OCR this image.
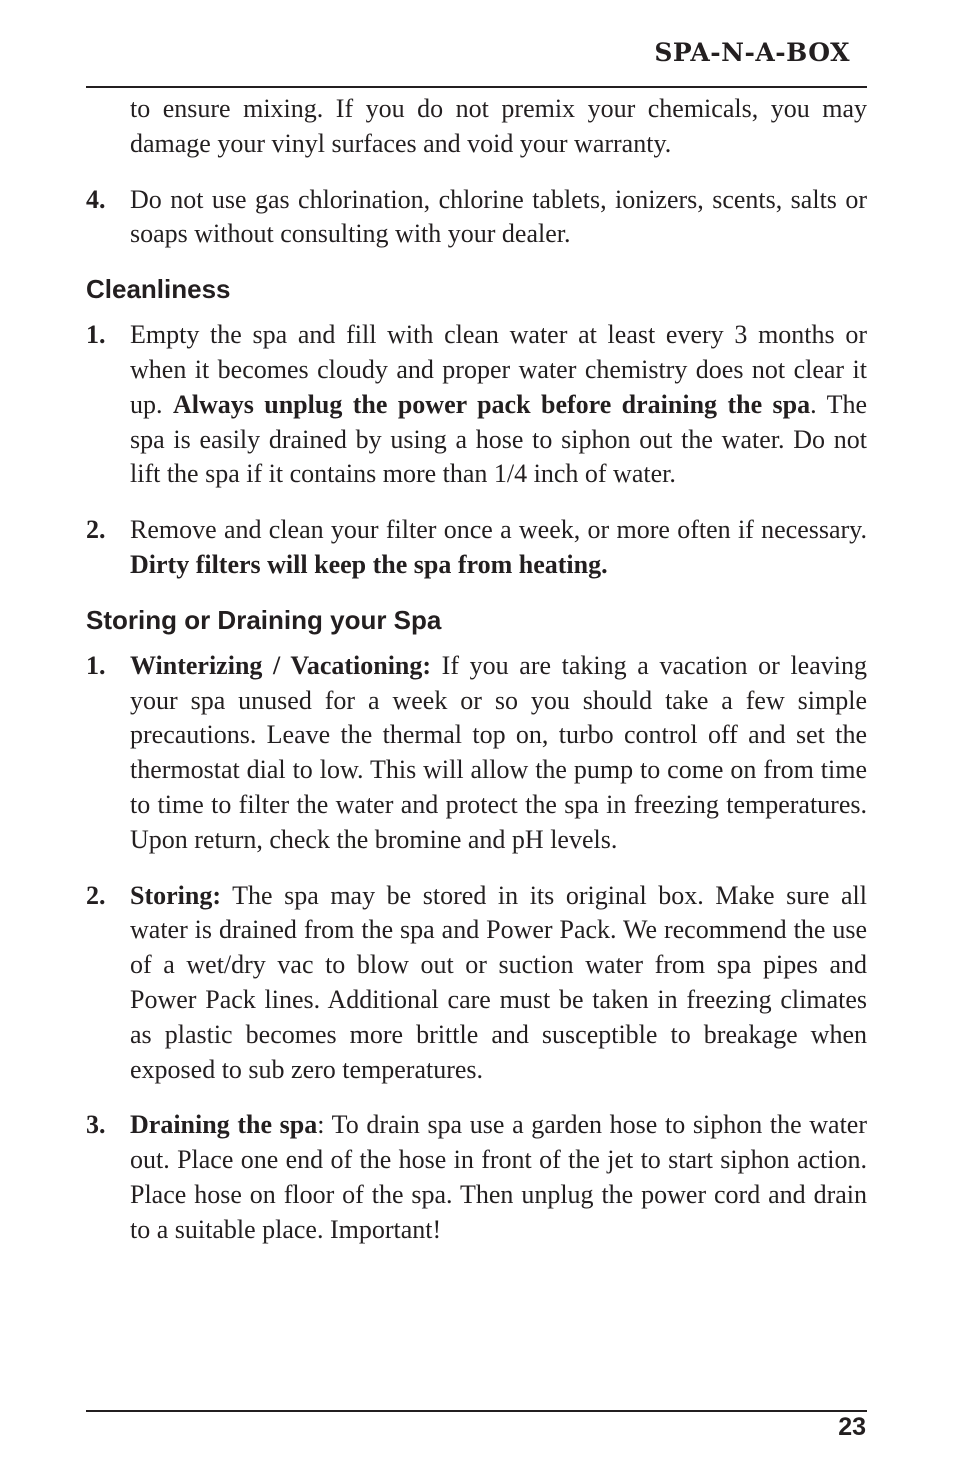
SPA-N-A-BOX

to ensure mixing. If you do not premix your chemicals, you may damage your vinyl surfaces and void your warranty.

4. Do not use gas chlorination, chlorine tablets, ionizers, scents, salts or soaps without consulting with your dealer.

Cleanliness
1. Empty the spa and fill with clean water at least every 3 months or when it becomes cloudy and proper water chemistry does not clear it up. Always unplug the power pack before draining the spa. The spa is easily drained by using a hose to siphon out the water. Do not lift the spa if it contains more than 1/4 inch of water.

2. Remove and clean your filter once a week, or more often if necessary. Dirty filters will keep the spa from heating.

Storing or Draining your Spa
1. Winterizing / Vacationing: If you are taking a vacation or leaving your spa unused for a week or so you should take a few simple precautions. Leave the thermal top on, turbo control off and set the thermostat dial to low. This will allow the pump to come on from time to time to filter the water and protect the spa in freezing temperatures. Upon return, check the bromine and pH levels.

2. Storing: The spa may be stored in its original box. Make sure all water is drained from the spa and Power Pack. We recommend the use of a wet/dry vac to blow out or suction water from spa pipes and Power Pack lines. Additional care must be taken in freezing climates as plastic becomes more brittle and susceptible to breakage when exposed to sub zero temperatures.

3. Draining the spa: To drain spa use a garden hose to siphon the water out. Place one end of the hose in front of the jet to start siphon action. Place hose on floor of the spa. Then unplug the power cord and drain to a suitable place. Important!

23
